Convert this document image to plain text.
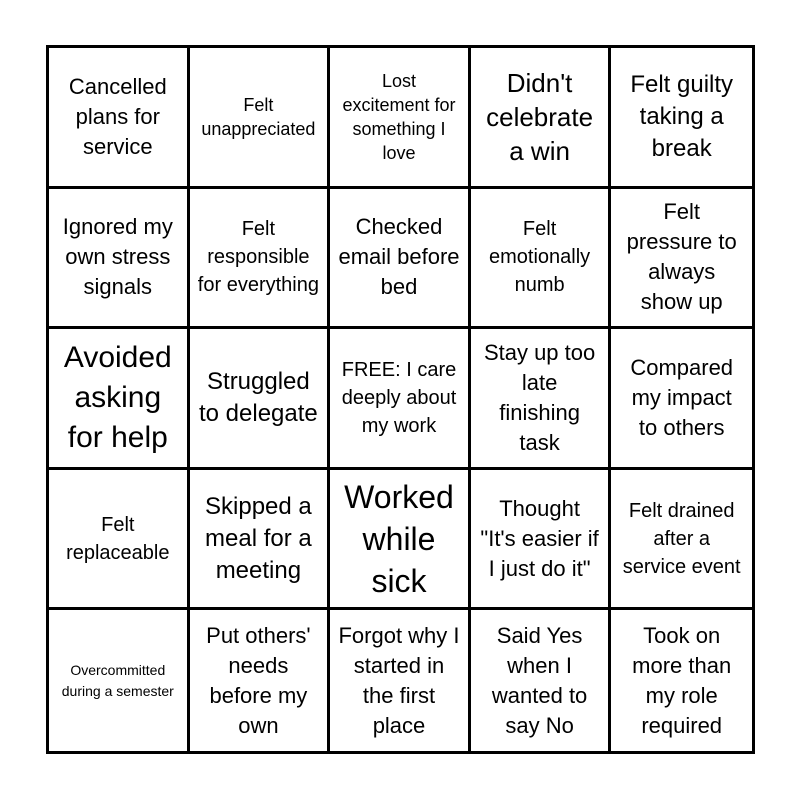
Cancelled plans for service
Felt unappreciated
Lost excitement for something I love
Didn't celebrate a win
Felt guilty taking a break
Ignored my own stress signals
Felt responsible for everything
Checked email before bed
Felt emotionally numb
Felt pressure to always show up
Avoided asking for help
Struggled to delegate
FREE: I care deeply about my work
Stay up too late finishing task
Compared my impact to others
Felt replaceable
Skipped a meal for a meeting
Worked while sick
Thought "It's easier if I just do it"
Felt drained after a service event
Overcommitted during a semester
Put others' needs before my own
Forgot why I started in the first place
Said Yes when I wanted to say No
Took on more than my role required
